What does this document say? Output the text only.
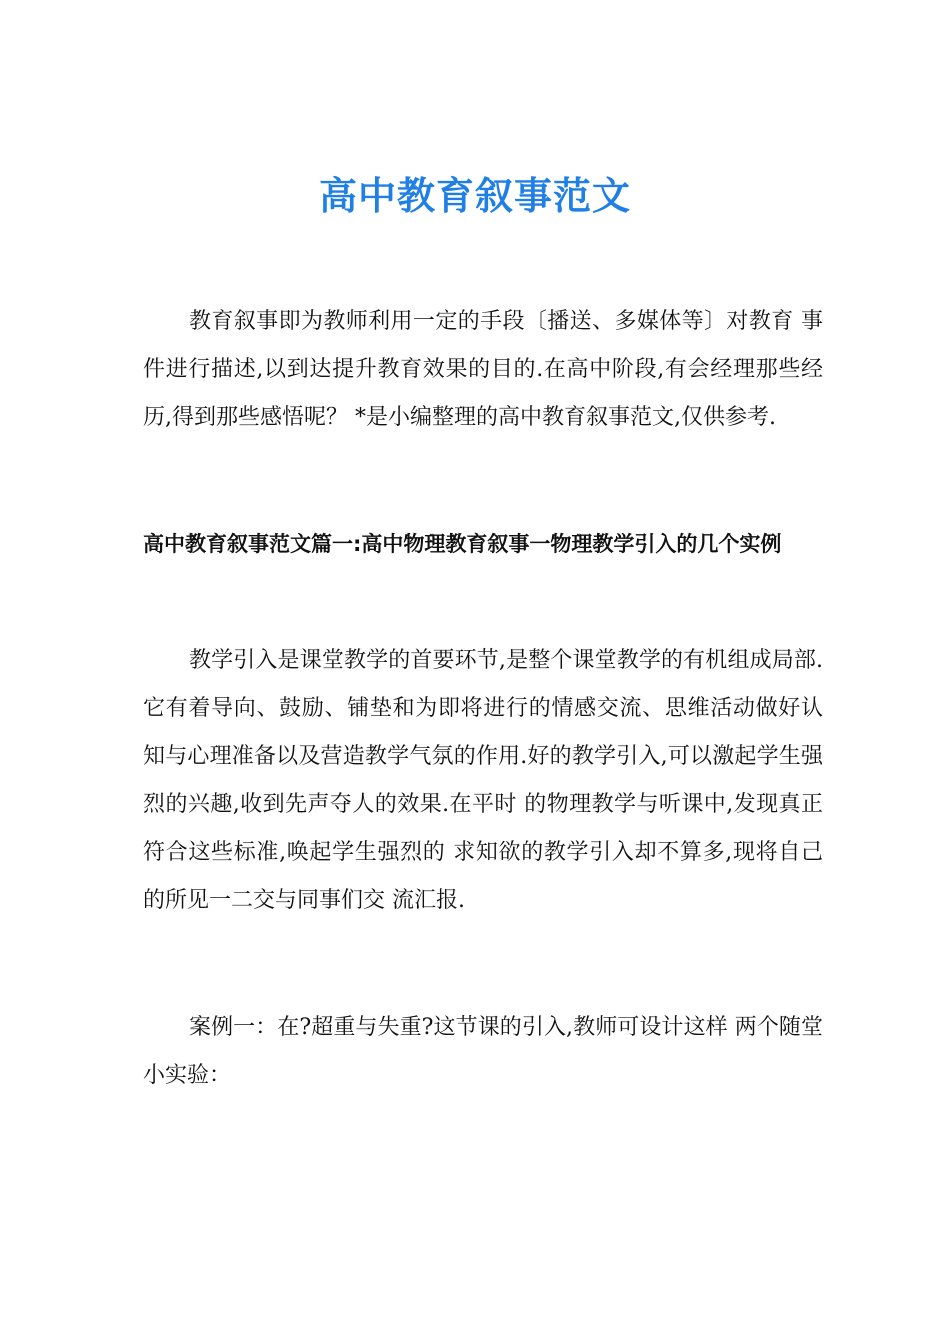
高中教育叙事范文

教育叙事即为教师利用一定的手段〔播送、多媒体等〕对教育 事件进行描述,以到达提升教育效果的目的.在高中阶段,有会经理那些经历,得到那些感悟呢？ *是小编整理的高中教育叙事范文,仅供参考.

高中教育叙事范文篇一:高中物理教育叙事一物理教学引入的几个实例

教学引入是课堂教学的首要环节,是整个课堂教学的有机组成局部.它有着导向、鼓励、铺垫和为即将进行的情感交流、思维活动做好认知与心理准备以及营造教学气氛的作用.好的教学引入,可以激起学生强烈的兴趣,收到先声夺人的效果.在平时 的物理教学与听课中,发现真正符合这些标准,唤起学生强烈的 求知欲的教学引入却不算多,现将自己的所见一二交与同事们交 流汇报.

案例一：在?超重与失重?这节课的引入,教师可设计这样 两个随堂小实验：
